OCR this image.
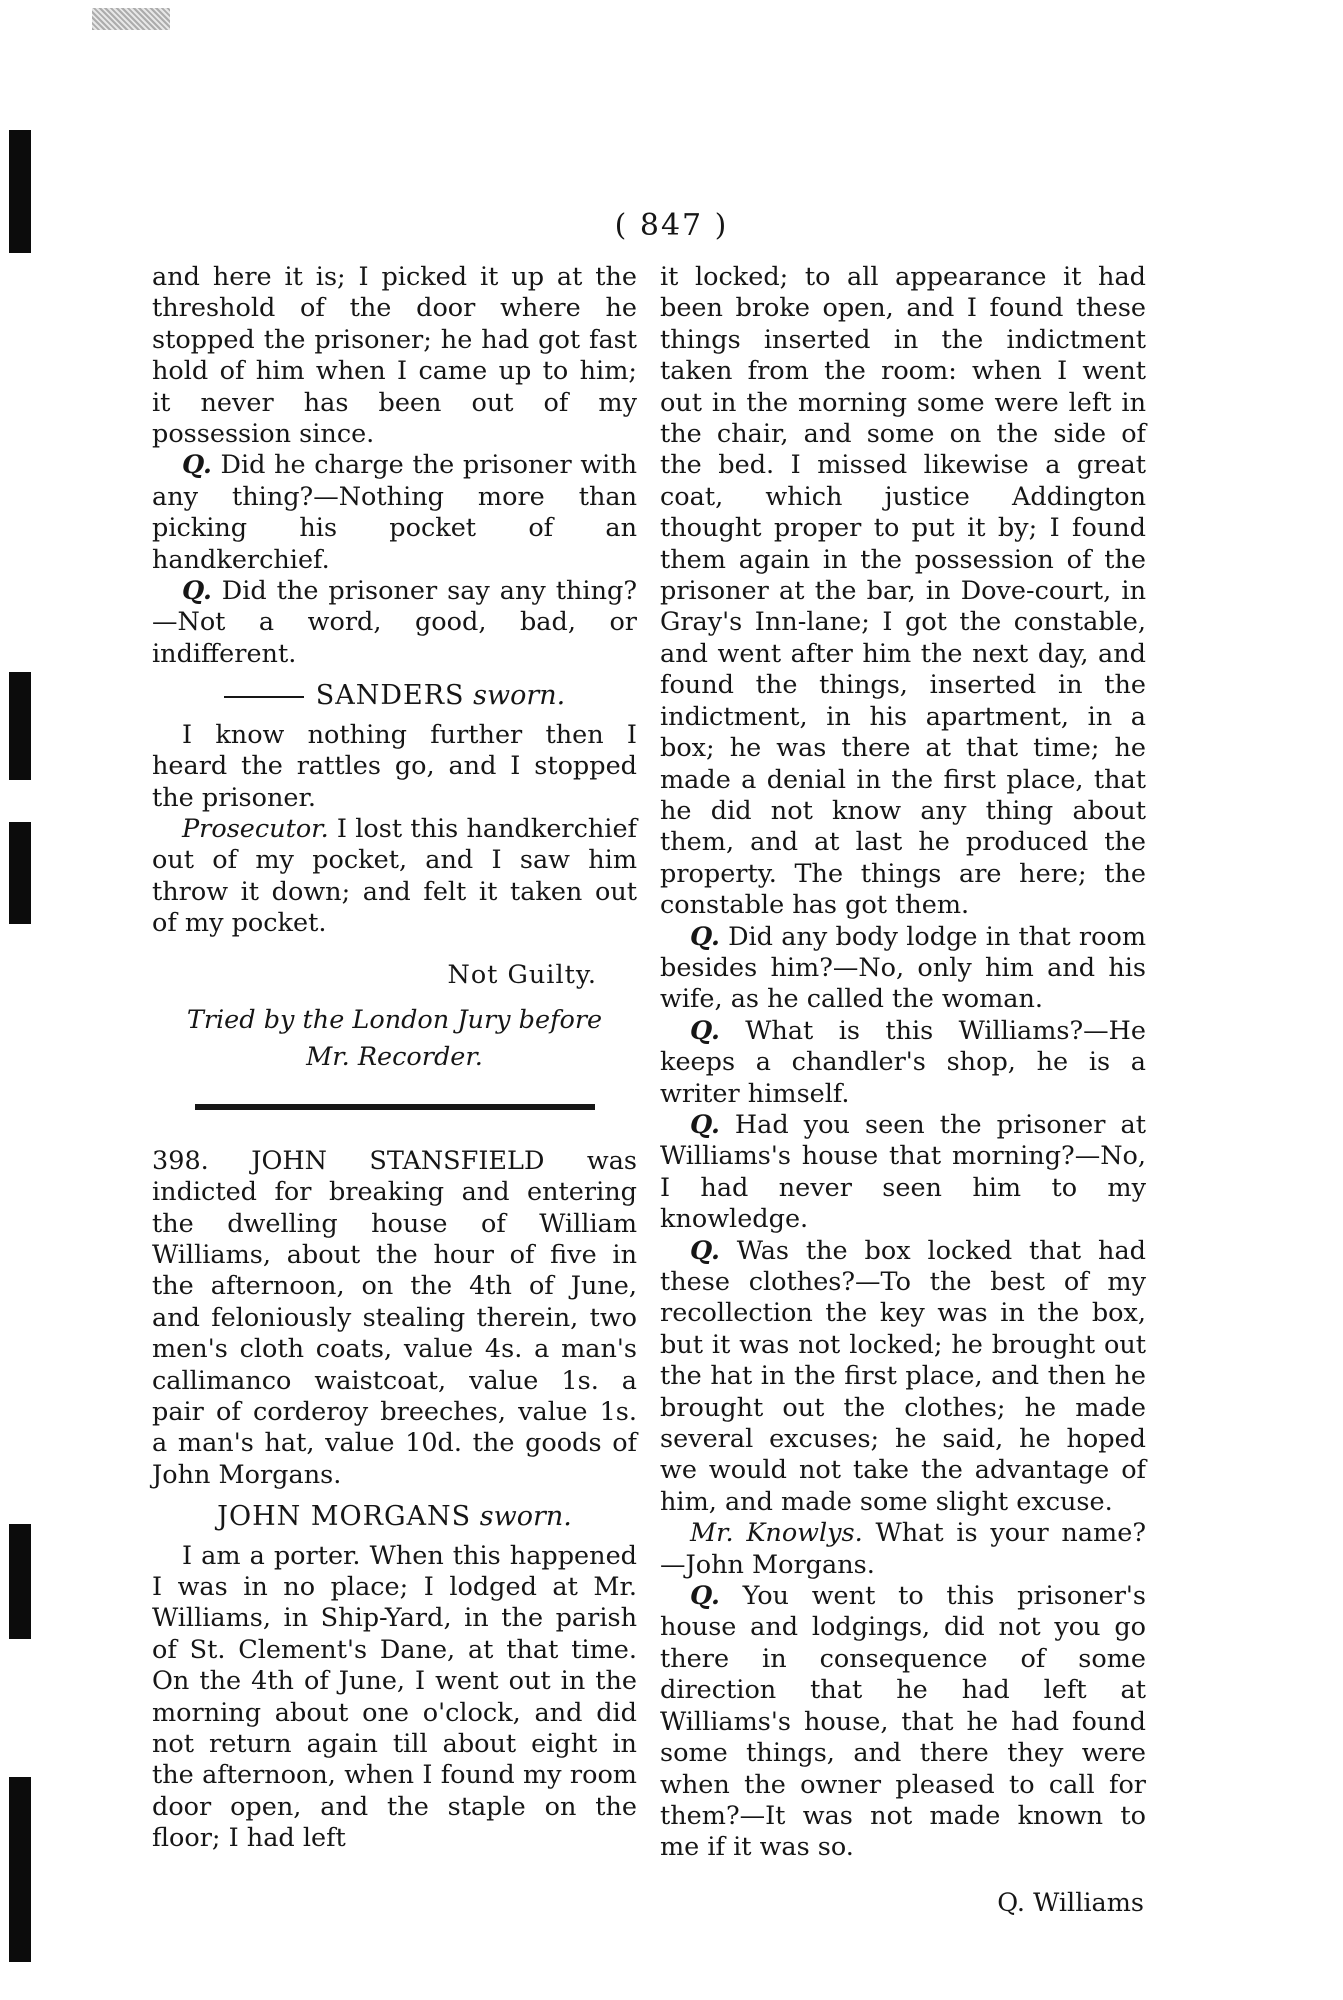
( 847 )

and here it is; I picked it up at the threshold of the door where he stopped the prisoner; he had got fast hold of him when I came up to him; it never has been out of my possession since.

Q. Did he charge the prisoner with any thing?—Nothing more than picking his pocket of an handkerchief.

Q. Did the prisoner say any thing?—Not a word, good, bad, or indifferent.

SANDERS sworn.

I know nothing further then I heard the rattles go, and I stopped the prisoner.

Prosecutor. I lost this handkerchief out of my pocket, and I saw him throw it down; and felt it taken out of my pocket.

Not Guilty.
Tried by the London Jury before
Mr. Recorder.

398. JOHN STANSFIELD was indicted for breaking and entering the dwelling house of William Williams, about the hour of five in the afternoon, on the 4th of June, and feloniously stealing therein, two men's cloth coats, value 4s. a man's callimanco waistcoat, value 1s. a pair of corderoy breeches, value 1s. a man's hat, value 10d. the goods of John Morgans.

JOHN MORGANS sworn.

I am a porter. When this happened I was in no place; I lodged at Mr. Williams, in Ship-Yard, in the parish of St. Clement's Dane, at that time. On the 4th of June, I went out in the morning about one o'clock, and did not return again till about eight in the afternoon, when I found my room door open, and the staple on the floor; I had left

it locked; to all appearance it had been broke open, and I found these things inserted in the indictment taken from the room: when I went out in the morning some were left in the chair, and some on the side of the bed. I missed likewise a great coat, which justice Addington thought proper to put it by; I found them again in the possession of the prisoner at the bar, in Dove-court, in Gray's Inn-lane; I got the constable, and went after him the next day, and found the things, inserted in the indictment, in his apartment, in a box; he was there at that time; he made a denial in the first place, that he did not know any thing about them, and at last he produced the property. The things are here; the constable has got them.

Q. Did any body lodge in that room besides him?—No, only him and his wife, as he called the woman.

Q. What is this Williams?—He keeps a chandler's shop, he is a writer himself.

Q. Had you seen the prisoner at Williams's house that morning?—No, I had never seen him to my knowledge.

Q. Was the box locked that had these clothes?—To the best of my recollection the key was in the box, but it was not locked; he brought out the hat in the first place, and then he brought out the clothes; he made several excuses; he said, he hoped we would not take the advantage of him, and made some slight excuse.

Mr. Knowlys. What is your name?—John Morgans.

Q. You went to this prisoner's house and lodgings, did not you go there in consequence of some direction that he had left at Williams's house, that he had found some things, and there they were when the owner pleased to call for them?—It was not made known to me if it was so.

Q. Williams
